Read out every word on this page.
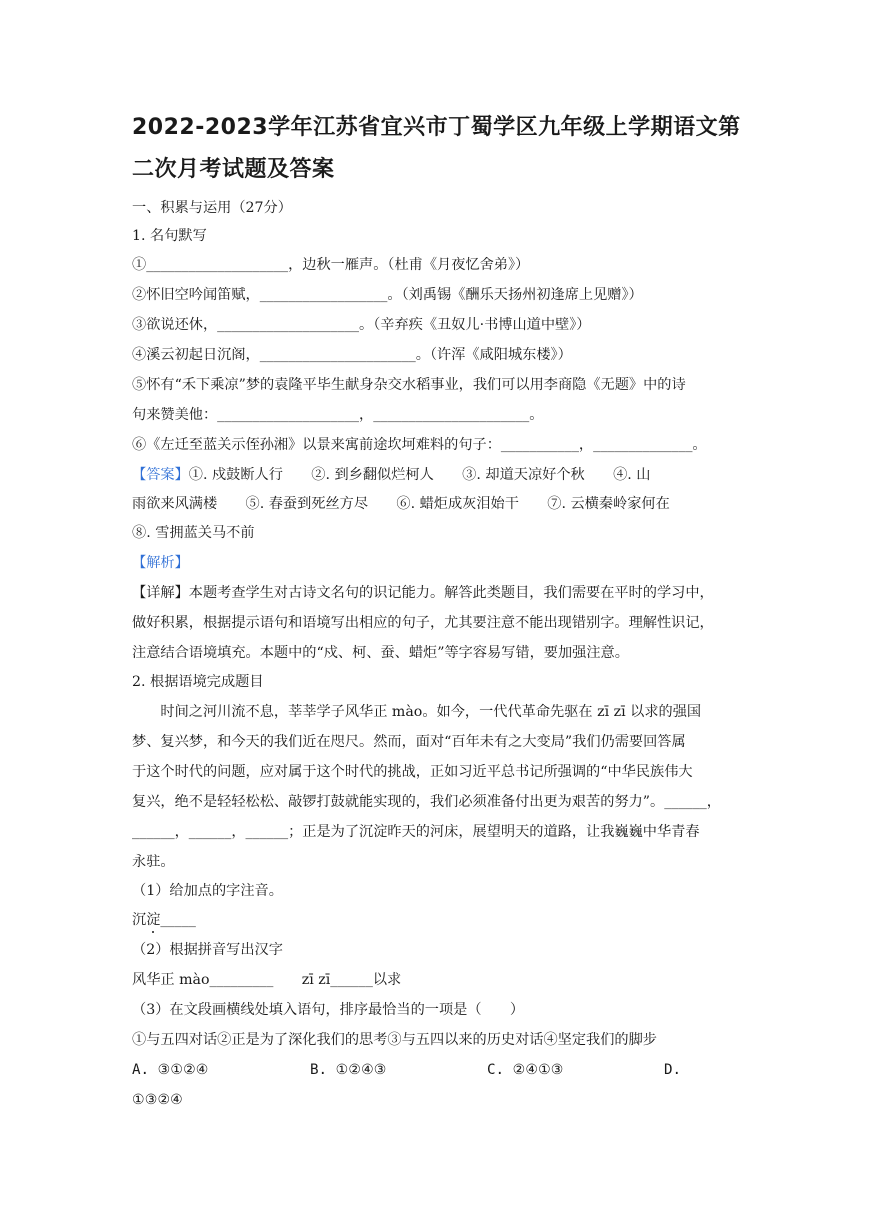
2022-2023学年江苏省宜兴市丁蜀学区九年级上学期语文第
二次月考试题及答案
一、积累与运用（27分）
1. 名句默写
①____________________，边秋一雁声。（杜甫《月夜忆舍弟》）
②怀旧空吟闻笛赋，__________________。（刘禹锡《酬乐天扬州初逢席上见赠》）
③欲说还休，____________________。（辛弃疾《丑奴儿·书博山道中壁》）
④溪云初起日沉阁，______________________。（许浑《咸阳城东楼》）
⑤怀有“禾下乘凉”梦的袁隆平毕生献身杂交水稻事业，我们可以用李商隐《无题》中的诗
句来赞美他：____________________，______________________。
⑥《左迁至蓝关示侄孙湘》以景来寓前途坎坷难料的句子：___________，______________。
【答案】①. 戍鼓断人行　　②. 到乡翻似烂柯人　　③. 却道天凉好个秋　　④. 山
雨欲来风满楼　　⑤. 春蚕到死丝方尽　　⑥. 蜡炬成灰泪始干　　⑦. 云横秦岭家何在
⑧. 雪拥蓝关马不前
【解析】
【详解】本题考查学生对古诗文名句的识记能力。解答此类题目，我们需要在平时的学习中，
做好积累，根据提示语句和语境写出相应的句子，尤其要注意不能出现错别字。理解性识记，
注意结合语境填充。本题中的“戍、柯、蚕、蜡炬”等字容易写错，要加强注意。
2. 根据语境完成题目
　　时间之河川流不息，莘莘学子风华正 mào。如今，一代代革命先驱在 zī zī 以求的强国
梦、复兴梦，和今天的我们近在咫尺。然而，面对“百年未有之大变局”我们仍需要回答属
于这个时代的问题，应对属于这个时代的挑战，正如习近平总书记所强调的“中华民族伟大
复兴，绝不是轻轻松松、敲锣打鼓就能实现的，我们必须准备付出更为艰苦的努力”。______，
______，______，______；正是为了沉淀昨天的河床，展望明天的道路，让我巍巍中华青春
永驻。
（1）给加点的字注音。
沉淀_____
（2）根据拼音写出汉字
风华正 mào_________　　zī zī______以求
（3）在文段画横线处填入语句，排序最恰当的一项是（　　）
①与五四对话②正是为了深化我们的思考③与五四以来的历史对话④坚定我们的脚步
A. ③①②④	B. ①②④③	C. ②④①③	D.
①③②④
